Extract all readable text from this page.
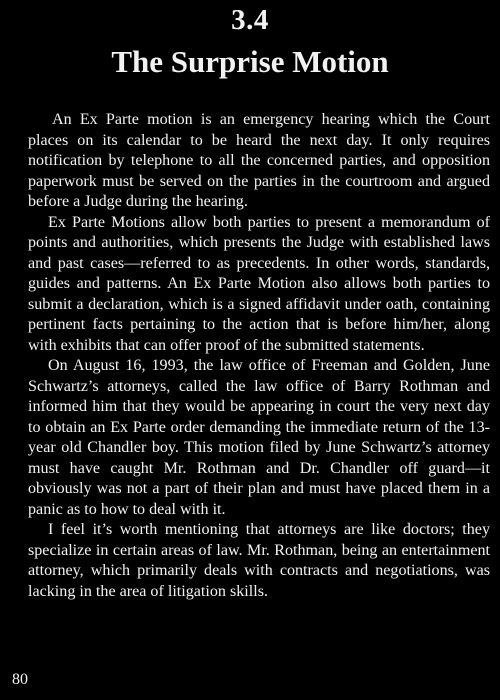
3.4
The Surprise Motion

An Ex Parte motion is an emergency hearing which the Court places on its calendar to be heard the next day. It only requires notification by telephone to all the concerned parties, and opposition paperwork must be served on the parties in the courtroom and argued before a Judge during the hearing.

Ex Parte Motions allow both parties to present a memorandum of points and authorities, which presents the Judge with established laws and past cases—referred to as precedents. In other words, standards, guides and patterns. An Ex Parte Motion also allows both parties to submit a declaration, which is a signed affidavit under oath, containing pertinent facts pertaining to the action that is before him/her, along with exhibits that can offer proof of the submitted statements.

On August 16, 1993, the law office of Freeman and Golden, June Schwartz’s attorneys, called the law office of Barry Rothman and informed him that they would be appearing in court the very next day to obtain an Ex Parte order demanding the immediate return of the 13-year old Chandler boy. This motion filed by June Schwartz’s attorney must have caught Mr. Rothman and Dr. Chandler off guard—it obviously was not a part of their plan and must have placed them in a panic as to how to deal with it.

I feel it’s worth mentioning that attorneys are like doctors; they specialize in certain areas of law. Mr. Rothman, being an entertainment attorney, which primarily deals with contracts and negotiations, was lacking in the area of litigation skills.

80
